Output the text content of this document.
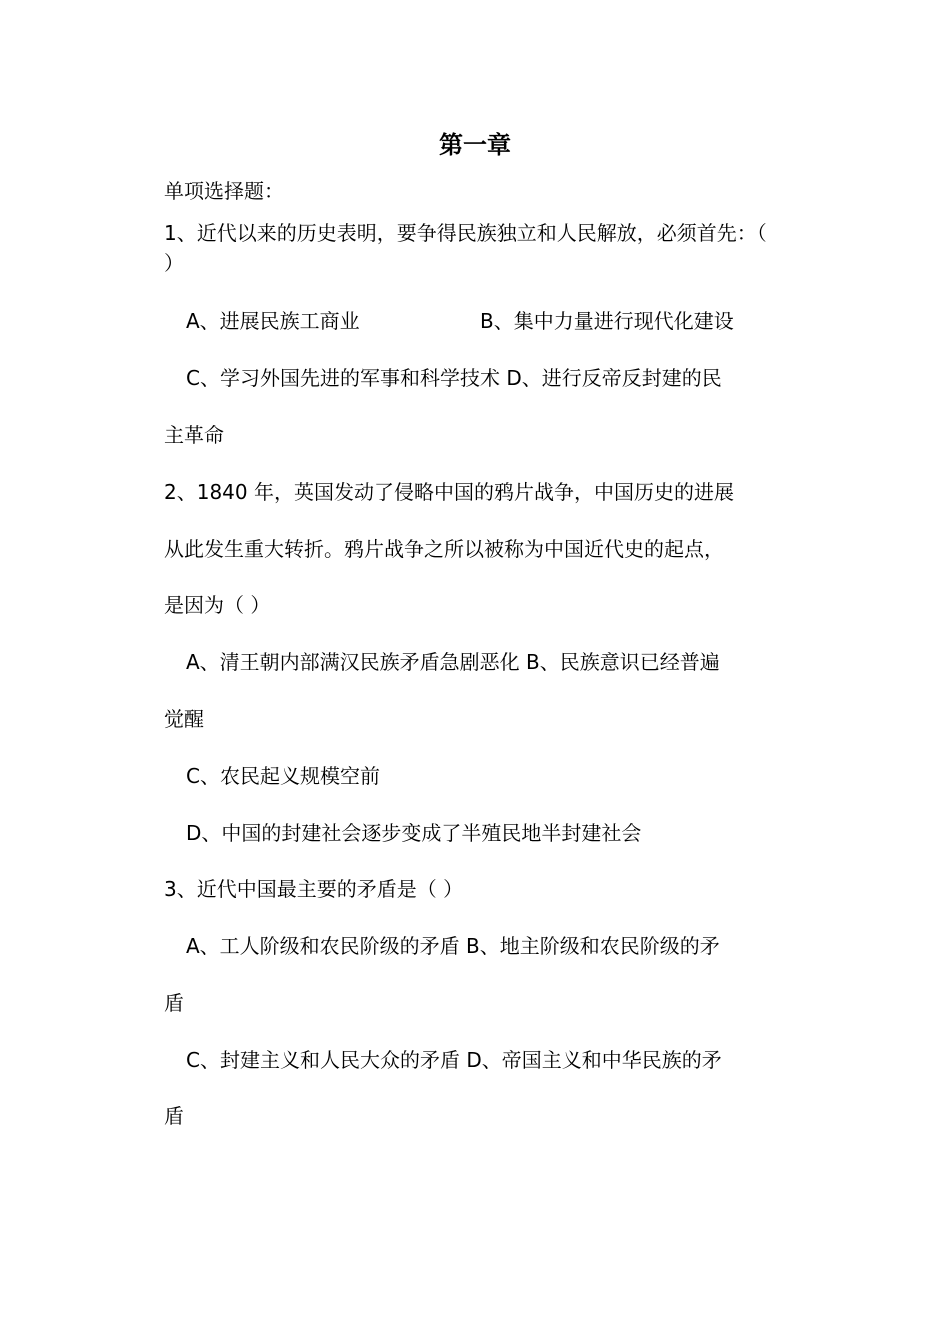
第一章
单项选择题：
1、近代以来的历史表明，要争得民族独立和人民解放，必须首先：（
）
A、进展民族工商业	B、集中力量进行现代化建设
C、学习外国先进的军事和科学技术 D、进行反帝反封建的民
主革命
2、1840 年，英国发动了侵略中国的鸦片战争，中国历史的进展
从此发生重大转折。鸦片战争之所以被称为中国近代史的起点，
是因为（ ）
A、清王朝内部满汉民族矛盾急剧恶化 B、民族意识已经普遍
觉醒
C、农民起义规模空前
D、中国的封建社会逐步变成了半殖民地半封建社会
3、近代中国最主要的矛盾是（ ）
A、工人阶级和农民阶级的矛盾 B、地主阶级和农民阶级的矛
盾
C、封建主义和人民大众的矛盾 D、帝国主义和中华民族的矛
盾
